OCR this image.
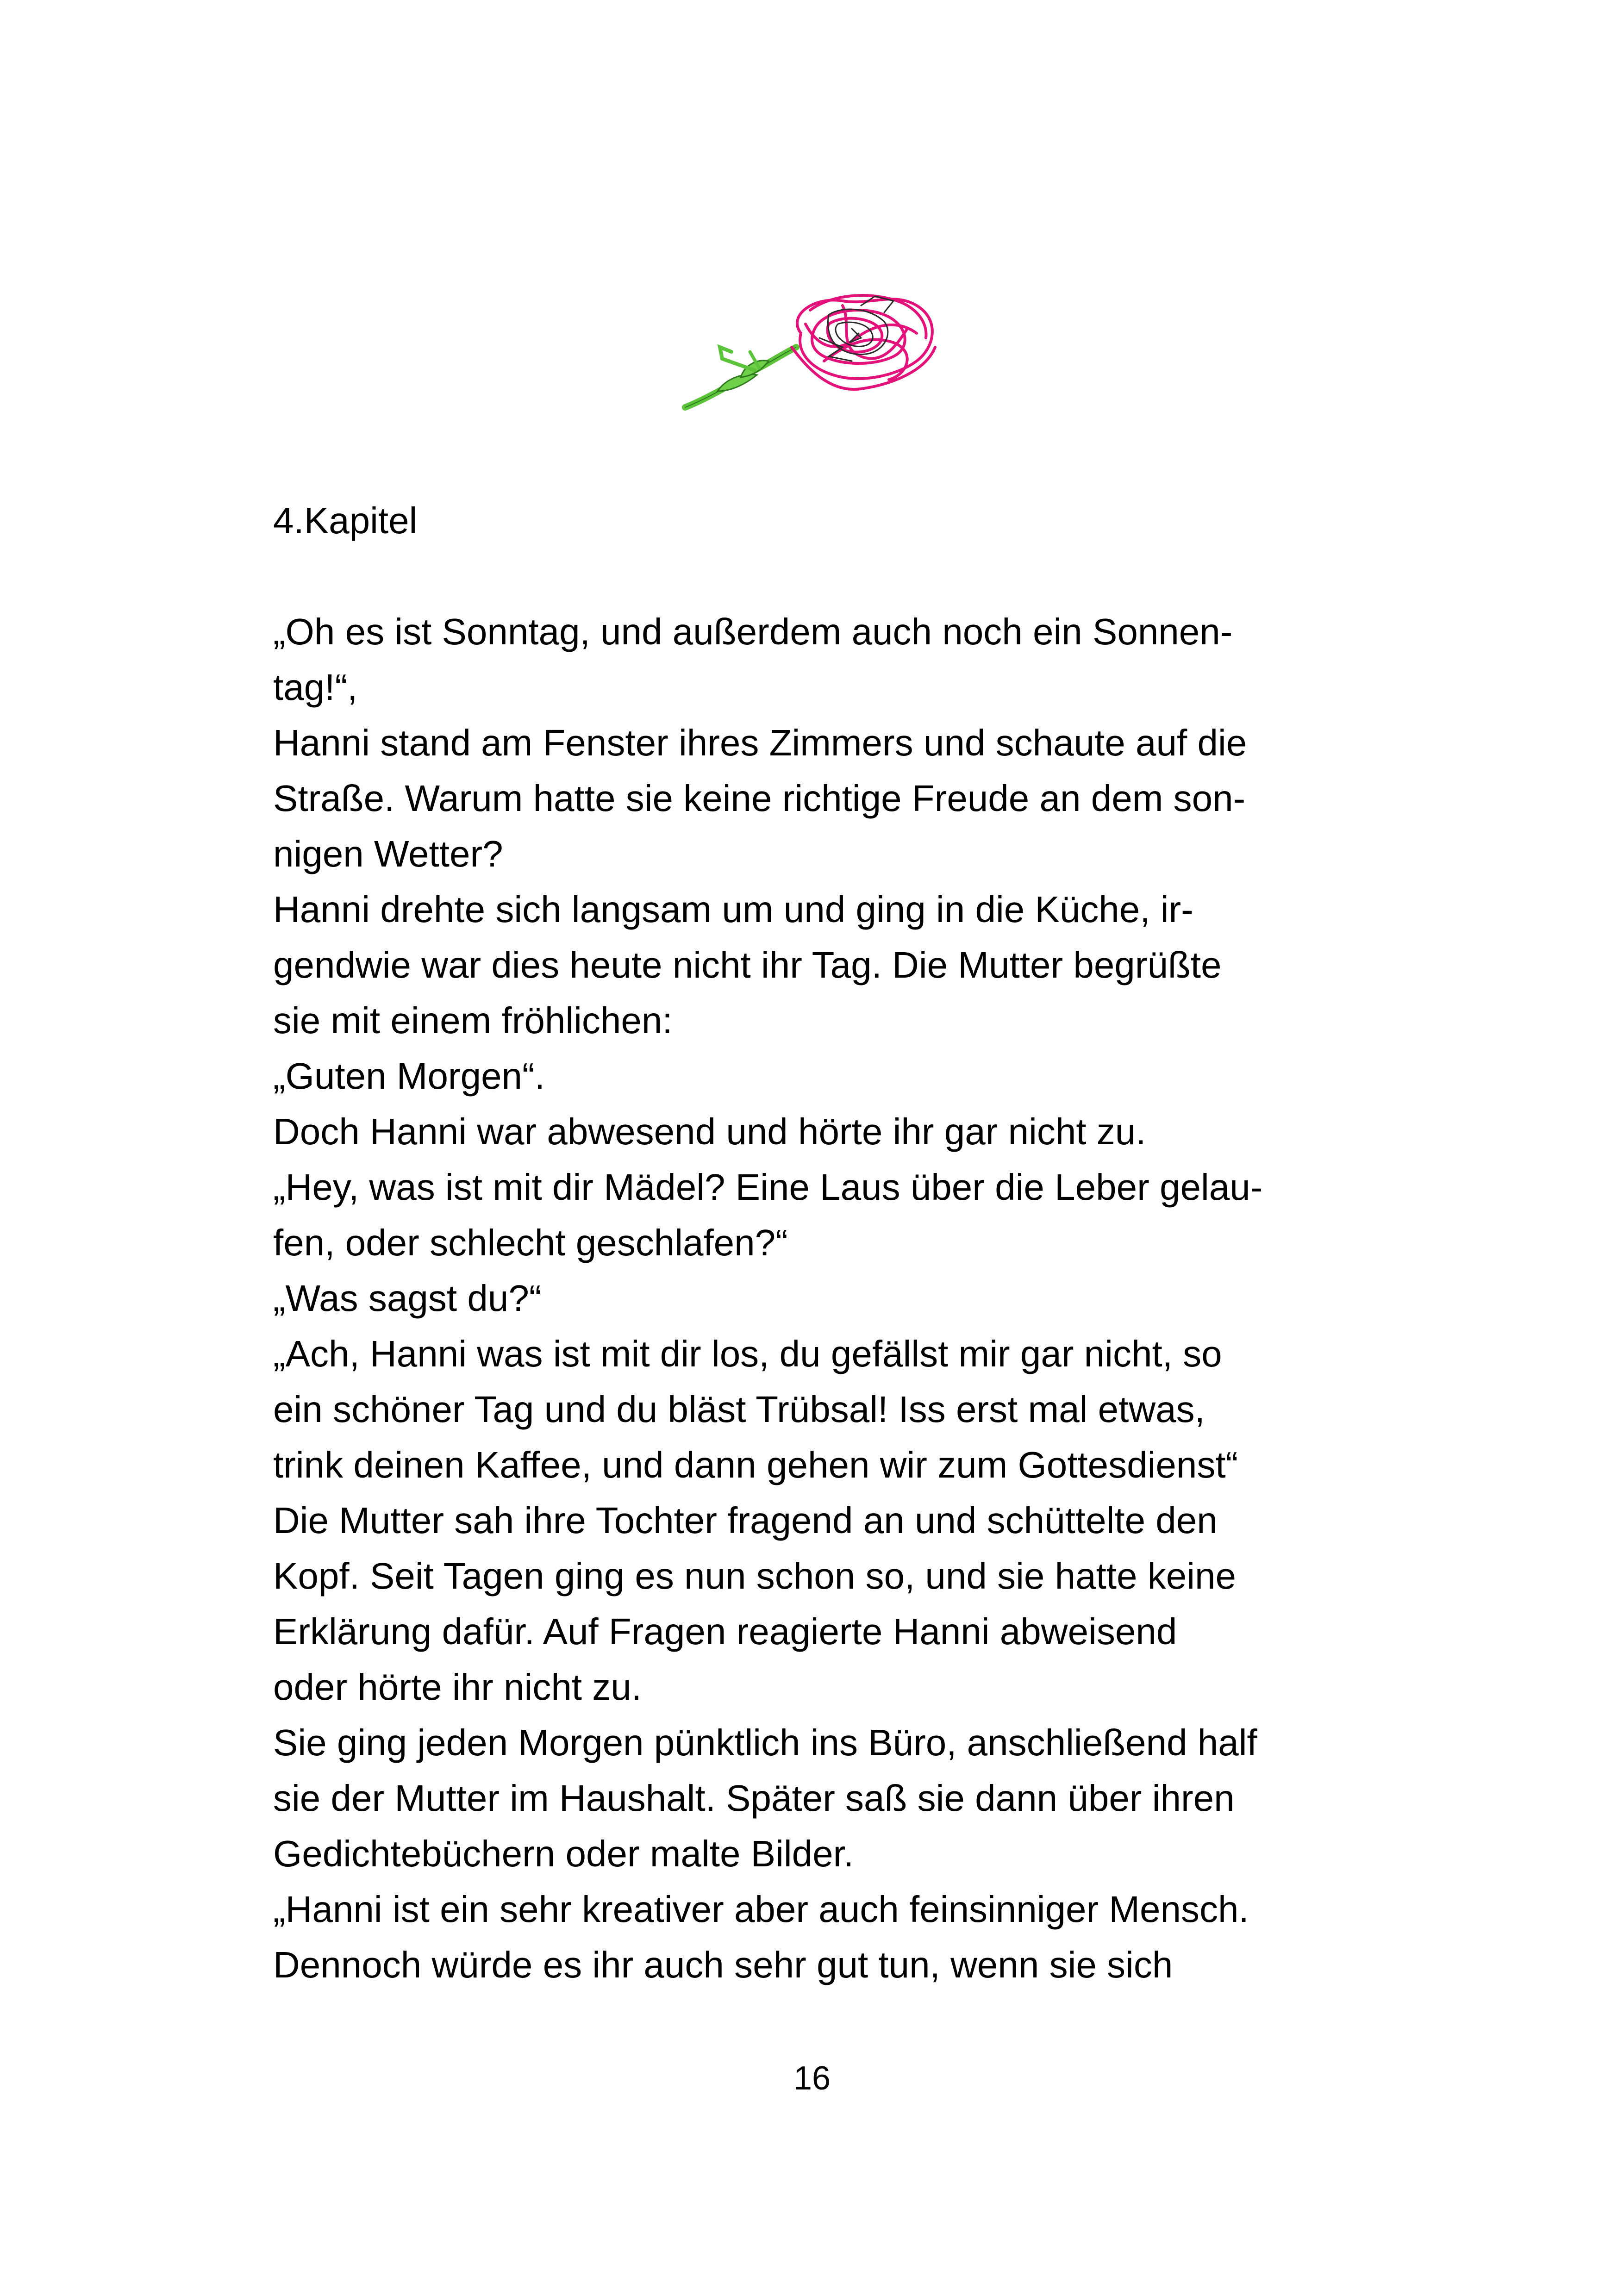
4.Kapitel
„Oh es ist Sonntag, und außerdem auch noch ein Sonnen-
tag!“,
Hanni stand am Fenster ihres Zimmers und schaute auf die
Straße. Warum hatte sie keine richtige Freude an dem son-
nigen Wetter?
Hanni drehte sich langsam um und ging in die Küche, ir-
gendwie war dies heute nicht ihr Tag. Die Mutter begrüßte
sie mit einem fröhlichen:
„Guten Morgen“.
Doch Hanni war abwesend und hörte ihr gar nicht zu.
„Hey, was ist mit dir Mädel? Eine Laus über die Leber gelau-
fen, oder schlecht geschlafen?“
„Was sagst du?“
„Ach, Hanni was ist mit dir los, du gefällst mir gar nicht, so
ein schöner Tag und du bläst Trübsal! Iss erst mal etwas,
trink deinen Kaffee, und dann gehen wir zum Gottesdienst“
Die Mutter sah ihre Tochter fragend an und schüttelte den
Kopf. Seit Tagen ging es nun schon so, und sie hatte keine
Erklärung dafür. Auf Fragen reagierte Hanni abweisend
oder hörte ihr nicht zu.
Sie ging jeden Morgen pünktlich ins Büro, anschließend half
sie der Mutter im Haushalt. Später saß sie dann über ihren
Gedichtebüchern oder malte Bilder.
„Hanni ist ein sehr kreativer aber auch feinsinniger Mensch.
Dennoch würde es ihr auch sehr gut tun, wenn sie sich
16
